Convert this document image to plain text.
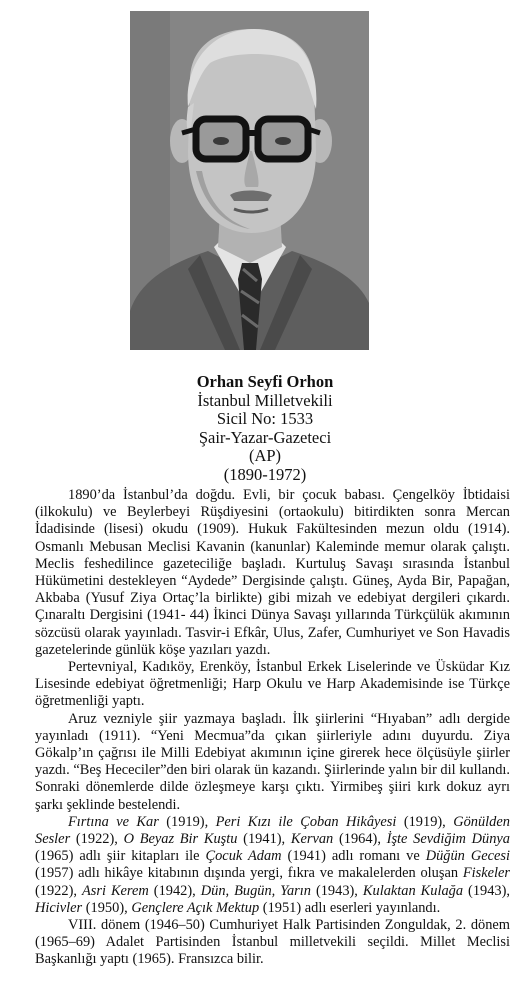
Orhan Seyfi Orhon
İstanbul Milletvekili
Sicil No: 1533
Şair-Yazar-Gazeteci
(AP)
(1890-1972)

1890’da İstanbul’da doğdu. Evli, bir çocuk babası. Çengelköy İbtidaisi (ilkokulu) ve Beylerbeyi Rüşdiyesini (ortaokulu) bitirdikten sonra Mercan İdadisinde (lisesi) okudu (1909). Hukuk Fakültesinden mezun oldu (1914). Osmanlı Mebusan Meclisi Kavanin (kanunlar) Kaleminde memur olarak çalıştı. Meclis feshedilince gazeteciliğe başladı. Kurtuluş Savaşı sırasında İstanbul Hükümetini destekleyen “Aydede” Dergisinde çalıştı. Güneş, Ayda Bir, Papağan, Akbaba (Yusuf Ziya Ortaç’la birlikte) gibi mizah ve edebiyat dergileri çıkardı. Çınaraltı Dergisini (1941- 44) İkinci Dünya Savaşı yıllarında Türkçülük akımının sözcüsü olarak yayınladı. Tasvir-i Efkâr, Ulus, Zafer, Cumhuriyet ve Son Havadis gazetelerinde günlük köşe yazıları yazdı.

Pertevniyal, Kadıköy, Erenköy, İstanbul Erkek Liselerinde ve Üsküdar Kız Lisesinde edebiyat öğretmenliği; Harp Okulu ve Harp Akademisinde ise Türkçe öğretmenliği yaptı.

Aruz vezniyle şiir yazmaya başladı. İlk şiirlerini “Hıyaban” adlı dergide yayınladı (1911). “Yeni Mecmua”da çıkan şiirleriyle adını duyurdu. Ziya Gökalp’ın çağrısı ile Milli Edebiyat akımının içine girerek hece ölçüsüyle şiirler yazdı. “Beş Hececiler”den biri olarak ün kazandı. Şiirlerinde yalın bir dil kullandı. Sonraki dönemlerde dilde özleşmeye karşı çıktı. Yirmibeş şiiri kırk dokuz ayrı şarkı şeklinde bestelendi.

Fırtına ve Kar (1919), Peri Kızı ile Çoban Hikâyesi (1919), Gönülden Sesler (1922), O Beyaz Bir Kuştu (1941), Kervan (1964), İşte Sevdiğim Dünya (1965) adlı şiir kitapları ile Çocuk Adam (1941) adlı romanı ve Düğün Gecesi (1957) adlı hikâye kitabının dışında yergi, fıkra ve makalelerden oluşan Fiskeler (1922), Asri Kerem (1942), Dün, Bugün, Yarın (1943), Kulaktan Kulağa (1943), Hicivler (1950), Gençlere Açık Mektup (1951) adlı eserleri yayınlandı.

VIII. dönem (1946–50) Cumhuriyet Halk Partisinden Zonguldak, 2. dönem (1965–69) Adalet Partisinden İstanbul milletvekili seçildi. Millet Meclisi Başkanlığı yaptı (1965). Fransızca bilir.
